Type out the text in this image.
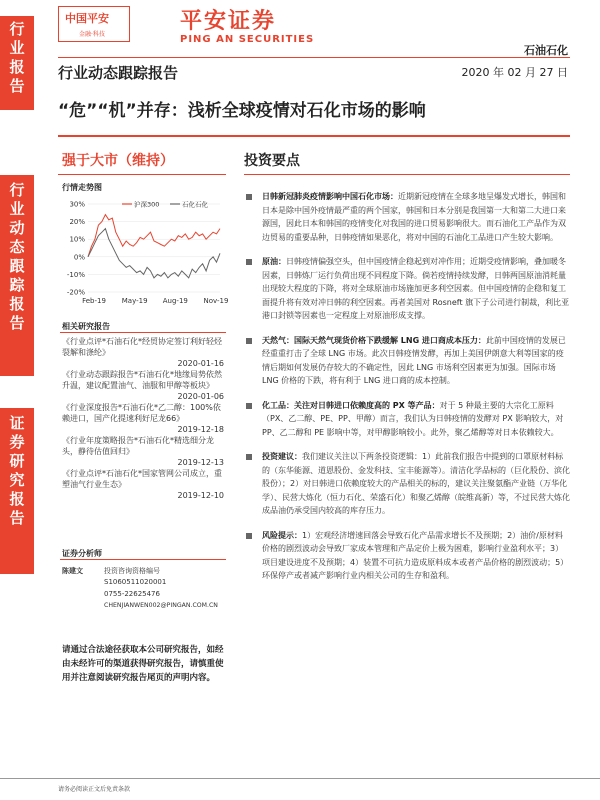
行
业
报
告
行
业
动
态
跟
踪
报
告
证
券
研
究
报
告
中国平安
金融·科技
平安证券
PING AN SECURITIES
石油石化
2020 年 02 月 27 日
行业动态跟踪报告
“危”“机”并存：浅析全球疫情对石化市场的影响
强于大市（维持）
行情走势图
30%
20%
10%
0%
-10%
-20%
Feb-19 May-19 Aug-19 Nov-19
沪深300	石化石化
相关研究报告
《行业点评*石油石化*经贸协定签订利好轻烃裂解和涤纶》
2020-01-16
《行业动态跟踪报告*石油石化*地缘局势依然升温，建议配置油气、油服和甲醇等板块》
2020-01-06
《行业深度报告*石油石化*乙二醇：100%依赖进口，国产化提速利好尼龙66》
2019-12-18
《行业年度策略报告*石油石化*精选细分龙头，静待估值回归》
2019-12-13
《行业点评*石油石化*国家管网公司成立，重塑油气行业生态》
2019-12-10
证券分析师
陈建文	投资咨询资格编号
S1060511020001
0755-22625476
CHENJIANWEN002@PINGAN.COM.CN
请通过合法途径获取本公司研究报告，如经由未经许可的渠道获得研究报告，请慎重使用并注意阅读研究报告尾页的声明内容。
投资要点
日韩新冠肺炎疫情影响中国石化市场：近期新冠疫情在全球多地呈爆发式增长，韩国和日本是除中国外疫情最严重的两个国家，韩国和日本分别是我国第一大和第二大进口来源国，因此日本和韩国的疫情变化对我国的进口贸易影响很大。而石油化工产品作为双边贸易的重要品种，日韩疫情如果恶化，将对中国的石油化工品进口产生较大影响。
原油：日韩疫情偏强空头，但中国疫情企稳起到对冲作用；近期受疫情影响，叠加暖冬因素，日韩炼厂运行负荷出现不同程度下降。倘若疫情持续发酵，日韩两国原油消耗量出现较大程度的下降，将对全球原油市场施加更多利空因素。但中国疫情的企稳和复工面提升将有效对冲日韩的利空因素。再者美国对 Rosneft 旗下子公司进行制裁，利比亚港口封锁等因素也一定程度上对原油形成支撑。
天然气：国际天然气现货价格下跌缓解 LNG 进口商成本压力：此前中国疫情的发展已经重重打击了全球 LNG 市场。此次日韩疫情发酵，再加上美国伊朗意大利等国家的疫情后期如何发展仍存较大的不确定性，因此 LNG 市场利空因素更为加强。国际市场 LNG 价格的下跌，将有利于 LNG 进口商的成本控制。
化工品：关注对日韩进口依赖度高的 PX 等产品：对于 5 种最主要的大宗化工原料（PX、乙二醇、PE、PP、甲醇）而言，我们认为日韩疫情的发酵对 PX 影响较大，对 PP、乙二醇和 PE 影响中等，对甲醇影响较小。此外，聚乙烯醇等对日本依赖较大。
投资建议：我们建议关注以下两条投资逻辑：1）此前我们报告中提到的口罩原材料标的（东华能源、道恩股份、金发科技、宝丰能源等）。清洁化学品标的（巨化股份、滨化股份）；2）对日韩进口依赖度较大的产品相关的标的，建议关注聚氨酯产业链（万华化学）、民营大炼化（恒力石化、荣盛石化）和聚乙烯醇（皖维高新）等，不过民营大炼化成品油仍承受国内较高的库存压力。
风险提示：1）宏观经济增速回落会导致石化产品需求增长不及预期；2）油价/原材料价格的剧烈波动会导致厂家成本管理和产品定价上极为困难，影响行业盈利水平；3）项目建设进度不及预期；4）装置不可抗力造成原料成本或者产品价格的剧烈波动；5）环保停产或者减产影响行业内相关公司的生存和盈利。
请务必阅读正文后免责条款
